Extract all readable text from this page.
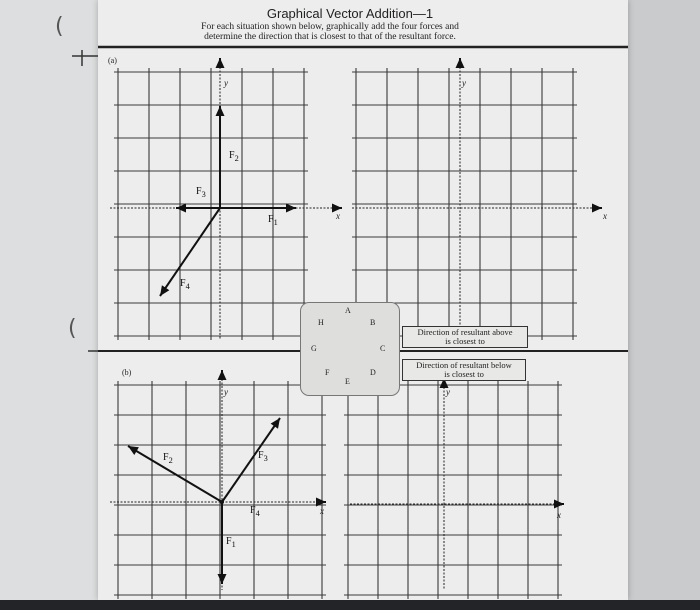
(
(
Graphical Vector Addition—1
For each situation shown below, graphically add the four forces and
determine the direction that is closest to that of the resultant force.
(a)
(b)
y
x
y
x
y
x
y
x
$F_1$
$F_2$
$F_3$
$F_4$
$F_1$
$F_2$	$F_3$
$F_4$
A
B
C
D
E
F
G
H
Direction of resultant above
is closest to
Direction of resultant below
is closest to
